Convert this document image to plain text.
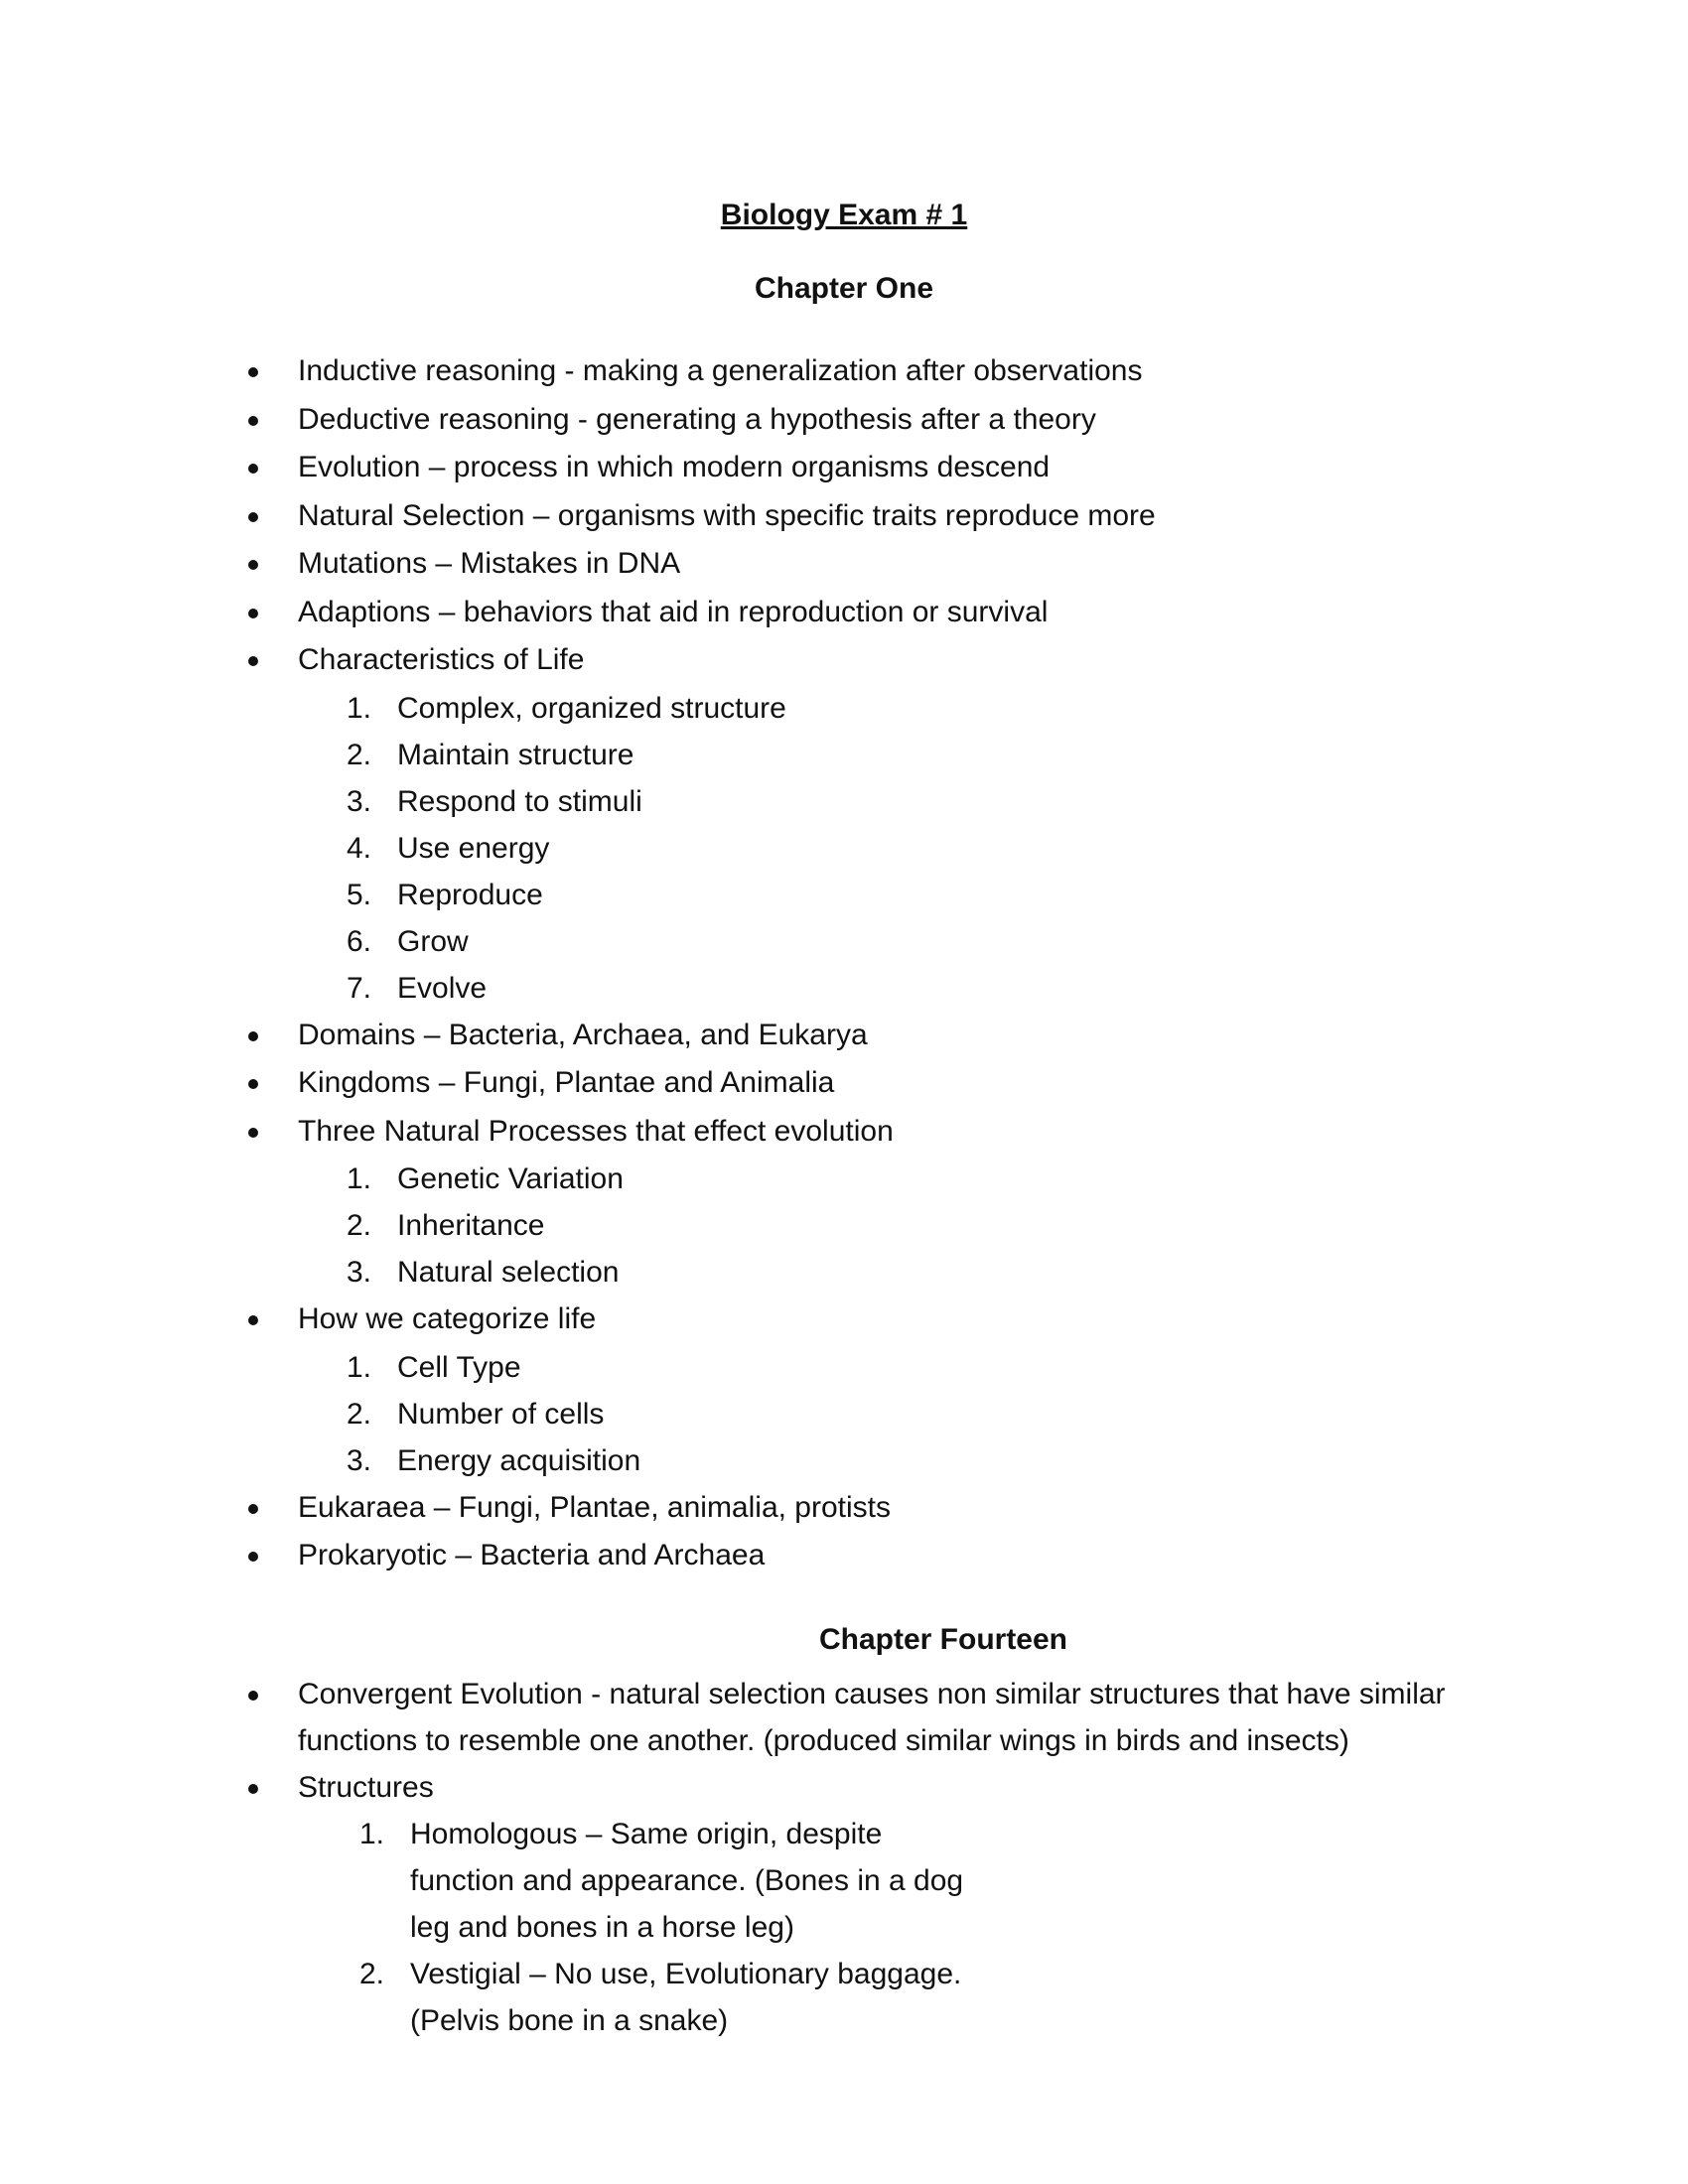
Biology Exam # 1
Chapter One
Inductive reasoning - making a generalization after observations
Deductive reasoning - generating a hypothesis after a theory
Evolution – process in which modern organisms descend
Natural Selection – organisms with specific traits reproduce more
Mutations – Mistakes in DNA
Adaptions – behaviors that aid in reproduction or survival
Characteristics of Life
1. Complex, organized structure
2. Maintain structure
3. Respond to stimuli
4. Use energy
5. Reproduce
6. Grow
7. Evolve
Domains – Bacteria, Archaea, and Eukarya
Kingdoms – Fungi, Plantae and Animalia
Three Natural Processes that effect evolution
1. Genetic Variation
2. Inheritance
3. Natural selection
How we categorize life
1. Cell Type
2. Number of cells
3. Energy acquisition
Eukaraea – Fungi, Plantae, animalia, protists
Prokaryotic – Bacteria and Archaea
Chapter Fourteen
Convergent Evolution - natural selection causes non similar structures that have similar functions to resemble one another. (produced similar wings in birds and insects)
Structures
1. Homologous – Same origin, despite function and appearance. (Bones in a dog leg and bones in a horse leg)
2. Vestigial – No use, Evolutionary baggage. (Pelvis bone in a snake)
